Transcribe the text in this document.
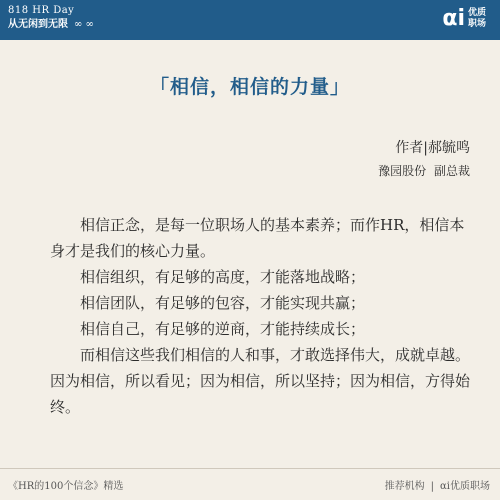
818 HR Day
从无闲到无限 ∞ ∞	αi 优质职场
「相信，相信的力量」
作者|郝毓鸣
豫园股份 副总裁

相信正念，是每一位职场人的基本素养；而作HR，相信本身才是我们的核心力量。

相信组织，有足够的高度，才能落地战略；

相信团队，有足够的包容，才能实现共赢；

相信自己，有足够的逆商，才能持续成长；

而相信这些我们相信的人和事，才敢选择伟大，成就卓越。因为相信，所以看见；因为相信，所以坚持；因为相信，方得始终。

《HR的100个信念》精选	推荐机构 | αi优质职场
